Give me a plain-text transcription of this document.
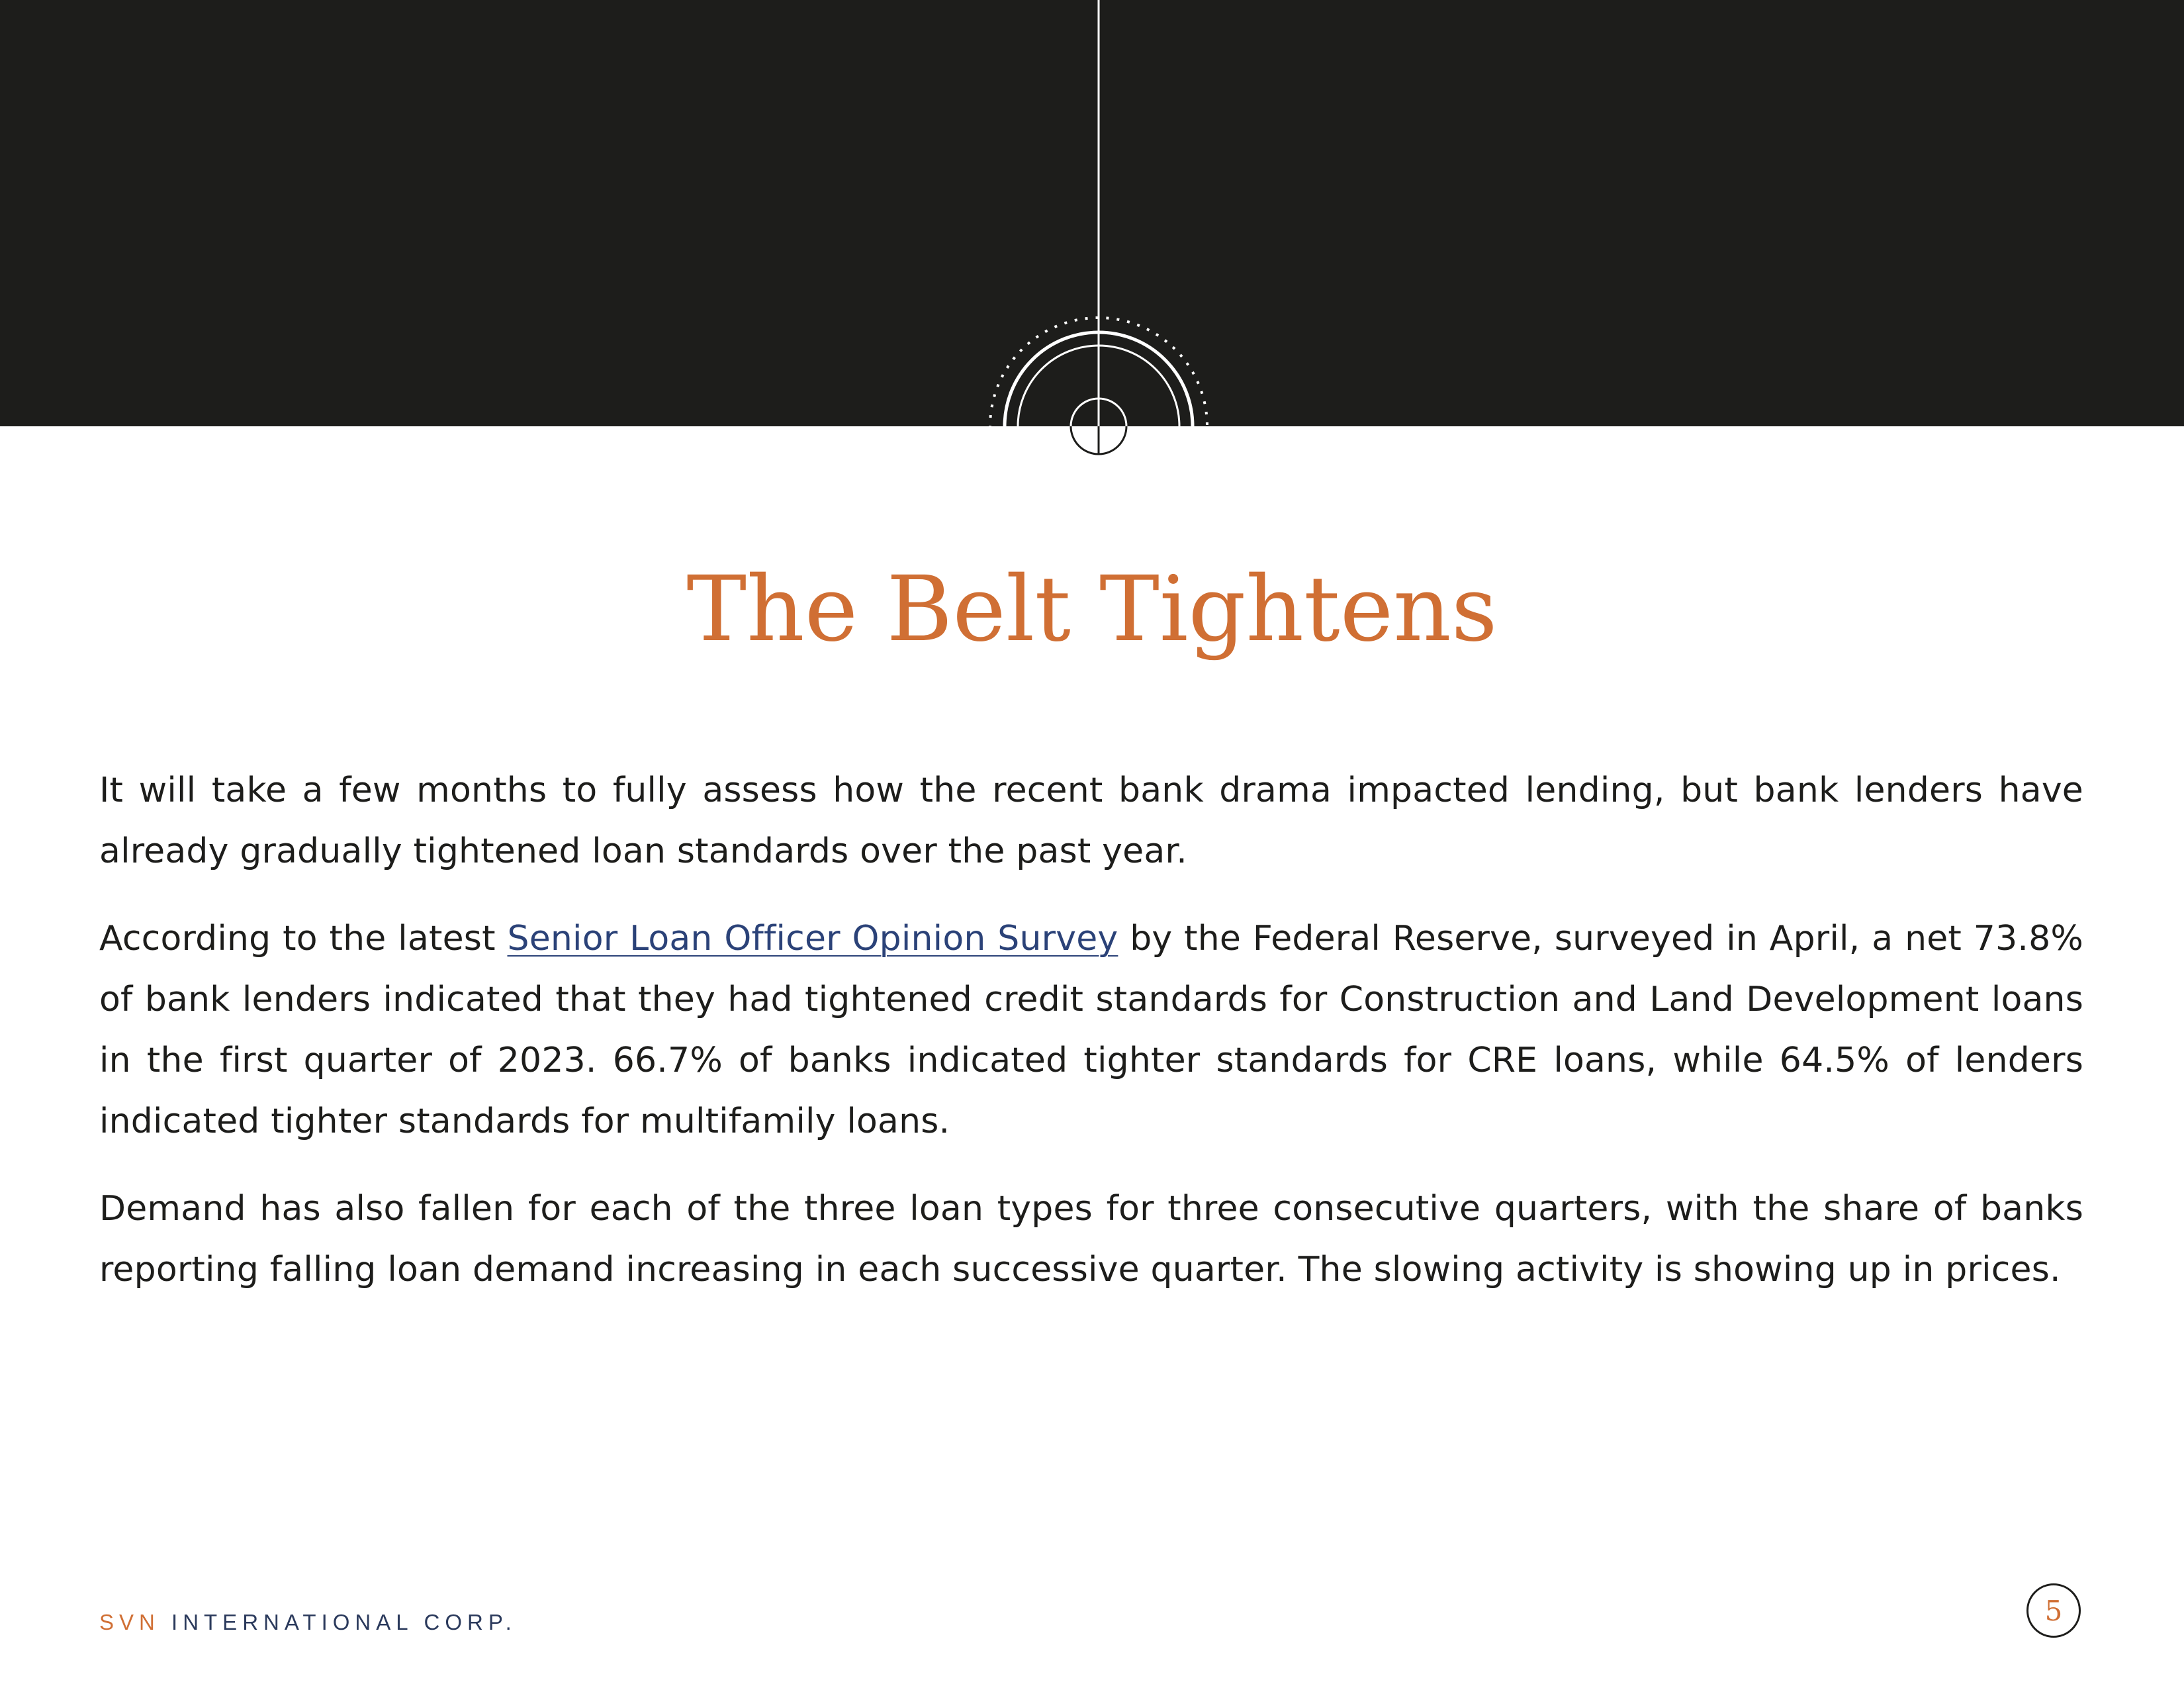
The Belt Tightens

It will take a few months to fully assess how the recent bank drama impacted lending, but bank lenders have already gradually tightened loan standards over the past year.

According to the latest Senior Loan Officer Opinion Survey by the Federal Reserve, surveyed in April, a net 73.8% of bank lenders indicated that they had tightened credit standards for Construction and Land Development loans in the first quarter of 2023. 66.7% of banks indicated tighter standards for CRE loans, while 64.5% of lenders indicated tighter standards for multifamily loans.

Demand has also fallen for each of the three loan types for three consecutive quarters, with the share of banks reporting falling loan demand increasing in each successive quarter. The slowing activity is showing up in prices.

SVN INTERNATIONAL CORP.	5
